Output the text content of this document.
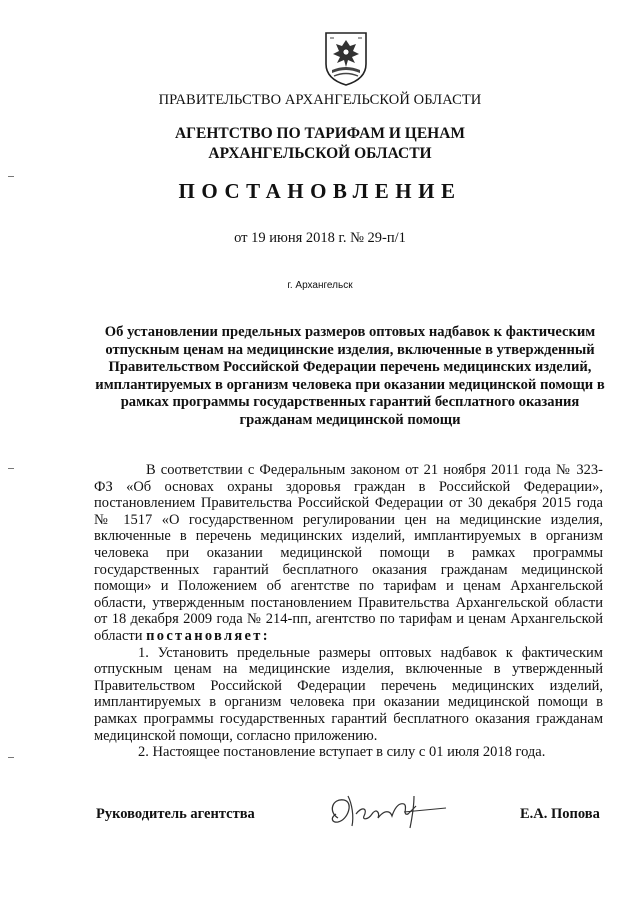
ПРАВИТЕЛЬСТВО АРХАНГЕЛЬСКОЙ ОБЛАСТИ
АГЕНТСТВО ПО ТАРИФАМ И ЦЕНАМ
АРХАНГЕЛЬСКОЙ ОБЛАСТИ
ПОСТАНОВЛЕНИЕ
от 19 июня 2018 г. № 29-п/1
г. Архангельск
Об установлении предельных размеров оптовых надбавок к фактическим отпускным ценам на медицинские изделия, включенные в утвержденный Правительством Российской Федерации перечень медицинских изделий, имплантируемых в организм человека при оказании медицинской помощи в рамках программы государственных гарантий бесплатного оказания гражданам медицинской помощи

В соответствии с Федеральным законом от 21 ноября 2011 года № 323-ФЗ «Об основах охраны здоровья граждан в Российской Федерации», постановлением Правительства Российской Федерации от 30 декабря 2015 года № 1517 «О государственном регулировании цен на медицинские изделия, включенные в перечень медицинских изделий, имплантируемых в организм человека при оказании медицинской помощи в рамках программы государственных гарантий бесплатного оказания гражданам медицинской помощи» и Положением об агентстве по тарифам и ценам Архангельской области, утвержденным постановлением Правительства Архангельской области от 18 декабря 2009 года № 214-пп, агентство по тарифам и ценам Архангельской области постановляет:

1. Установить предельные размеры оптовых надбавок к фактическим отпускным ценам на медицинские изделия, включенные в утвержденный Правительством Российской Федерации перечень медицинских изделий, имплантируемых в организм человека при оказании медицинской помощи в рамках программы государственных гарантий бесплатного оказания гражданам медицинской помощи, согласно приложению.

2. Настоящее постановление вступает в силу с 01 июля 2018 года.

Руководитель агентства	Е.А. Попова
